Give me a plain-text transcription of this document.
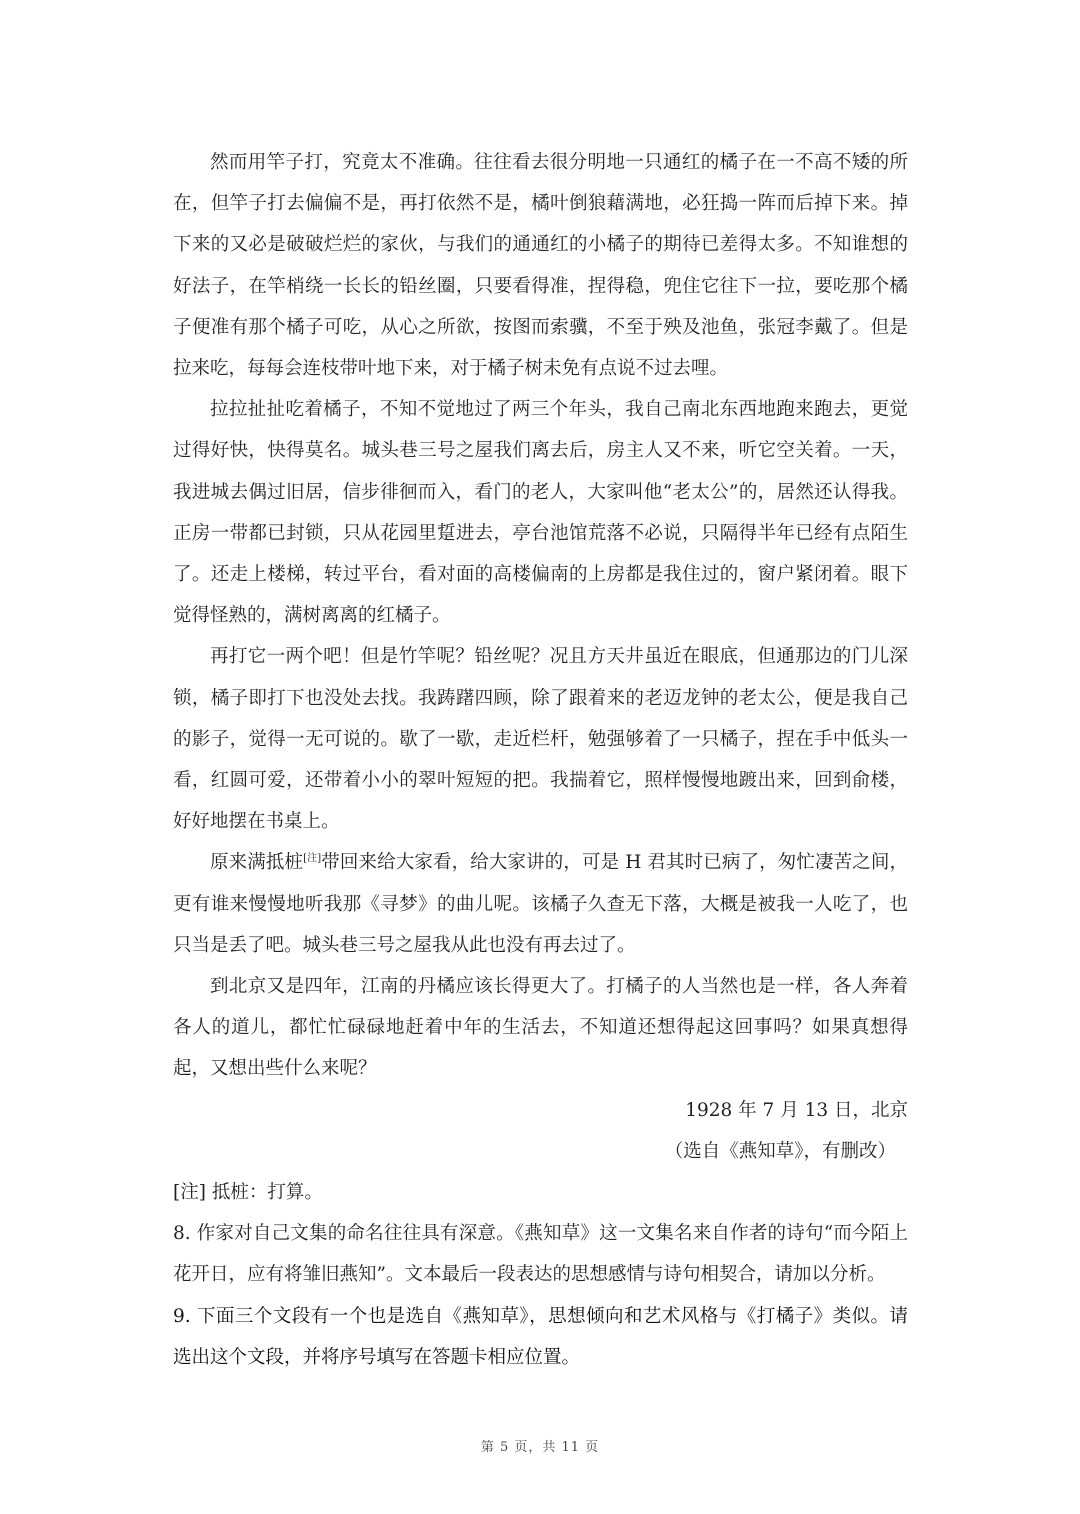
然而用竿子打，究竟太不准确。往往看去很分明地一只通红的橘子在一不高不矮的所在，但竿子打去偏偏不是，再打依然不是，橘叶倒狼藉满地，必狂捣一阵而后掉下来。掉下来的又必是破破烂烂的家伙，与我们的通通红的小橘子的期待已差得太多。不知谁想的好法子，在竿梢绕一长长的铅丝圈，只要看得准，捏得稳，兜住它往下一拉，要吃那个橘子便准有那个橘子可吃，从心之所欲，按图而索骥，不至于殃及池鱼，张冠李戴了。但是拉来吃，每每会连枝带叶地下来，对于橘子树未免有点说不过去哩。

拉拉扯扯吃着橘子，不知不觉地过了两三个年头，我自己南北东西地跑来跑去，更觉过得好快，快得莫名。城头巷三号之屋我们离去后，房主人又不来，听它空关着。一天，我进城去偶过旧居，信步徘徊而入，看门的老人，大家叫他“老太公”的，居然还认得我。正房一带都已封锁，只从花园里踅进去，亭台池馆荒落不必说，只隔得半年已经有点陌生了。还走上楼梯，转过平台，看对面的高楼偏南的上房都是我住过的，窗户紧闭着。眼下觉得怪熟的，满树离离的红橘子。

再打它一两个吧！但是竹竿呢？铅丝呢？况且方天井虽近在眼底，但通那边的门儿深锁，橘子即打下也没处去找。我踌躇四顾，除了跟着来的老迈龙钟的老太公，便是我自己的影子，觉得一无可说的。歇了一歇，走近栏杆，勉强够着了一只橘子，捏在手中低头一看，红圆可爱，还带着小小的翠叶短短的把。我揣着它，照样慢慢地踱出来，回到俞楼，好好地摆在书桌上。

原来满抵桩[注]带回来给大家看，给大家讲的，可是 H 君其时已病了，匆忙凄苦之间，更有谁来慢慢地听我那《寻梦》的曲儿呢。该橘子久查无下落，大概是被我一人吃了，也只当是丢了吧。城头巷三号之屋我从此也没有再去过了。

到北京又是四年，江南的丹橘应该长得更大了。打橘子的人当然也是一样，各人奔着各人的道儿，都忙忙碌碌地赶着中年的生活去，不知道还想得起这回事吗？如果真想得起，又想出些什么来呢？

1928 年 7 月 13 日，北京

（选自《燕知草》，有删改）

[注] 抵桩：打算。

8. 作家对自己文集的命名往往具有深意。《燕知草》这一文集名来自作者的诗句“而今陌上花开日，应有将雏旧燕知”。文本最后一段表达的思想感情与诗句相契合，请加以分析。

9. 下面三个文段有一个也是选自《燕知草》，思想倾向和艺术风格与《打橘子》类似。请选出这个文段，并将序号填写在答题卡相应位置。

第 5 页，共 11 页
